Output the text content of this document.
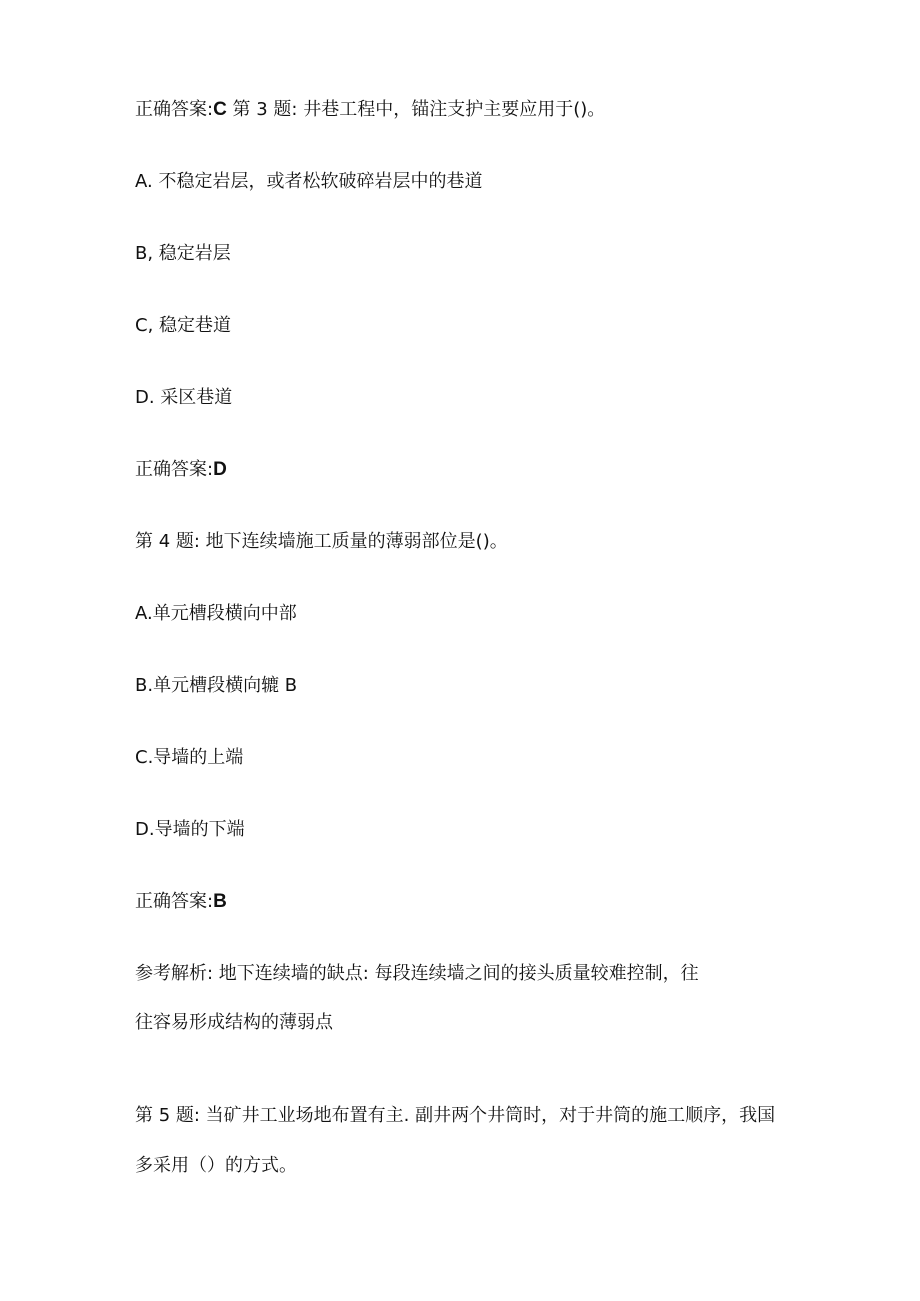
正确答案:C 第 3 题: 井巷工程中，锚注支护主要应用于()。
A. 不稳定岩层，或者松软破碎岩层中的巷道
B, 稳定岩层
C, 稳定巷道
D. 采区巷道
正确答案:D
第 4 题: 地下连续墙施工质量的薄弱部位是()。
A.单元槽段横向中部
B.单元槽段横向辘 B
C.导墙的上端
D.导墙的下端
正确答案:B
参考解析: 地下连续墙的缺点: 每段连续墙之间的接头质量较难控制，往
往容易形成结构的薄弱点
第 5 题: 当矿井工业场地布置有主. 副井两个井筒时，对于井筒的施工顺序，我国
多采用（）的方式。
